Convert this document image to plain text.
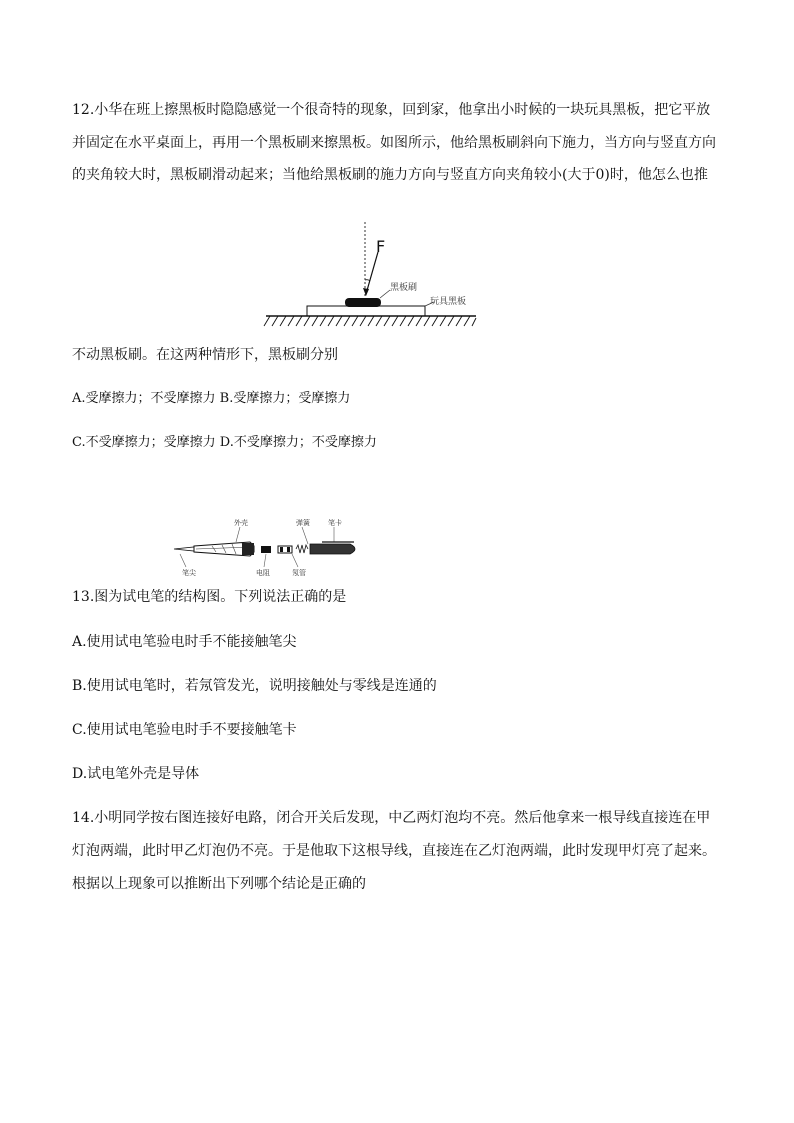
12.小华在班上擦黑板时隐隐感觉一个很奇特的现象，回到家，他拿出小时候的一块玩具黑板，把它平放
并固定在水平桌面上，再用一个黑板刷来擦黑板。如图所示，他给黑板刷斜向下施力，当方向与竖直方向
的夹角较大时，黑板刷滑动起来；当他给黑板刷的施力方向与竖直方向夹角较小(大于0)时，他怎么也推
F
黑板刷
玩具黑板
不动黑板刷。在这两种情形下，黑板刷分别
A.受摩擦力；不受摩擦力 B.受摩擦力；受摩擦力
C.不受摩擦力；受摩擦力 D.不受摩擦力；不受摩擦力
外壳	弹簧	笔卡
笔尖	电阻	氖管
13.图为试电笔的结构图。下列说法正确的是
A.使用试电笔验电时手不能接触笔尖
B.使用试电笔时，若氖管发光，说明接触处与零线是连通的
C.使用试电笔验电时手不要接触笔卡
D.试电笔外壳是导体
14.小明同学按右图连接好电路，闭合开关后发现，中乙两灯泡均不亮。然后他拿来一根导线直接连在甲
灯泡两端，此时甲乙灯泡仍不亮。于是他取下这根导线，直接连在乙灯泡两端，此时发现甲灯亮了起来。
根据以上现象可以推断出下列哪个结论是正确的
